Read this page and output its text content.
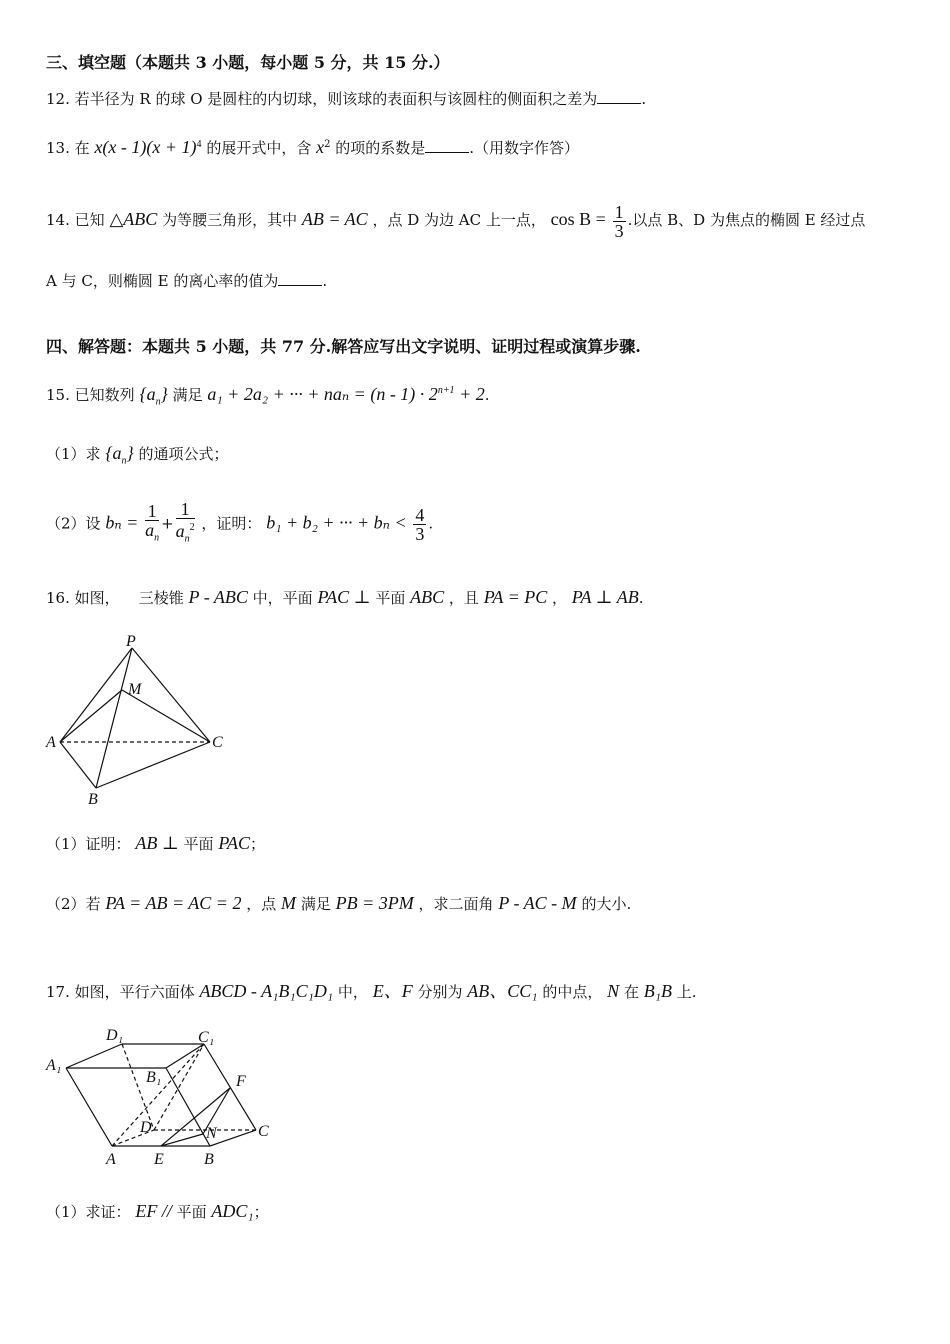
三、填空题（本题共 3 小题，每小题 5 分，共 15 分.）
12. 若半径为 R 的球 O 是圆柱的内切球，则该球的表面积与该圆柱的侧面积之差为	.
13. 在 $x(x - 1)(x + 1)^4$ 的展开式中，含 $x^2$ 的项的系数是	.（用数字作答）
14. 已知 △ABC 为等腰三角形，其中 AB = AC ，点 D 为边 AC 上一点， $\cos B = \frac{1}{3}$ .以点 B、D 为焦点的椭圆 E 经过点
A 与 C，则椭圆 E 的离心率的值为	.
四、解答题：本题共 5 小题，共 77 分.解答应写出文字说明、证明过程或演算步骤.
15. 已知数列 $\{a_n\}$ 满足 a₁ + 2a₂ + ··· + $na_n = (n - 1) \cdot 2^{n+1} + 2$.
（1）求 $\{a_n\}$ 的通项公式；
（2）设 $b_n = \frac{1}{a_n} + \frac{1}{a_n^2}$ ，证明： b₁ + b₂ + ··· + $b_n < \frac{4}{3}$ .
16. 如图， 三棱锥 P - ABC 中，平面 PAC ⊥ 平面 ABC ，且 PA = PC ， PA ⊥ AB.
P
M
A	C
B
（1）证明： AB ⊥ 平面 PAC；
（2）若 PA = AB = AC = 2 ，点 M 满足 PB = 3PM ，求二面角 P - AC - M 的大小.
17. 如图，平行六面体 ABCD - A₁B₁C₁D₁ 中， E、F 分别为 AB、CC₁ 的中点， N 在 B₁B 上.
D₁	C₁
A₁
B₁	F
D	N	C
A E	B
（1）求证： EF // 平面 ADC₁；
